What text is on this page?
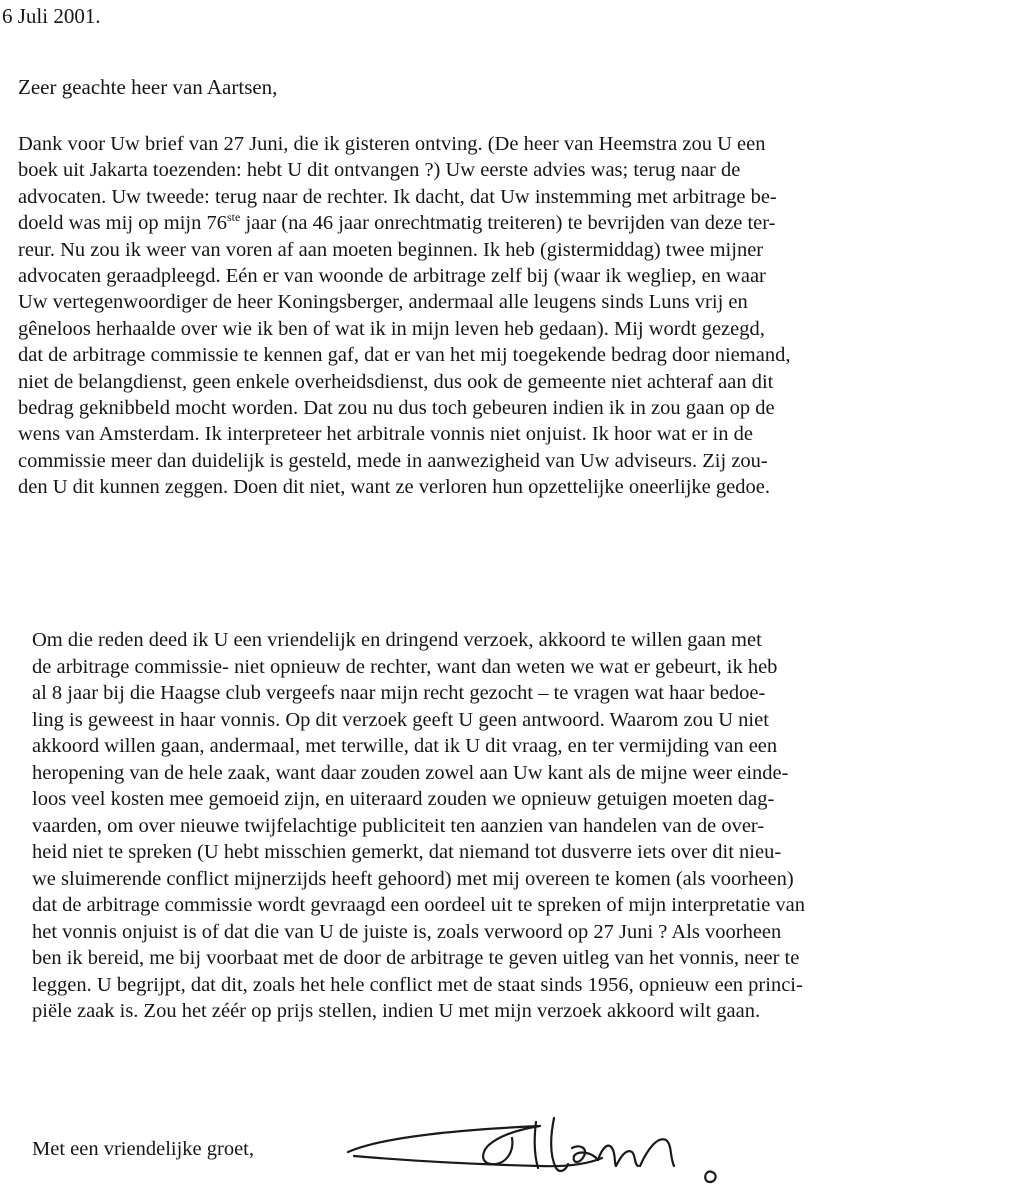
6 Juli 2001.
Zeer geachte heer van Aartsen,
Dank voor Uw brief van 27 Juni, die ik gisteren ontving. (De heer van Heemstra zou U een
boek uit Jakarta toezenden: hebt U dit ontvangen ?) Uw eerste advies was; terug naar de
advocaten. Uw tweede: terug naar de rechter. Ik dacht, dat Uw instemming met arbitrage be-
doeld was mij op mijn 76ste jaar (na 46 jaar onrechtmatig treiteren) te bevrijden van deze ter-
reur. Nu zou ik weer van voren af aan moeten beginnen. Ik heb (gistermiddag) twee mijner
advocaten geraadpleegd. Eén er van woonde de arbitrage zelf bij (waar ik wegliep, en waar
Uw vertegenwoordiger de heer Koningsberger, andermaal alle leugens sinds Luns vrij en
gêneloos herhaalde over wie ik ben of wat ik in mijn leven heb gedaan). Mij wordt gezegd,
dat de arbitrage commissie te kennen gaf, dat er van het mij toegekende bedrag door niemand,
niet de belangdienst, geen enkele overheidsdienst, dus ook de gemeente niet achteraf aan dit
bedrag geknibbeld mocht worden. Dat zou nu dus toch gebeuren indien ik in zou gaan op de
wens van Amsterdam. Ik interpreteer het arbitrale vonnis niet onjuist. Ik hoor wat er in de
commissie meer dan duidelijk is gesteld, mede in aanwezigheid van Uw adviseurs. Zij zou-
den U dit kunnen zeggen. Doen dit niet, want ze verloren hun opzettelijke oneerlijke gedoe.
Om die reden deed ik U een vriendelijk en dringend verzoek, akkoord te willen gaan met
de arbitrage commissie- niet opnieuw de rechter, want dan weten we wat er gebeurt, ik heb
al 8 jaar bij die Haagse club vergeefs naar mijn recht gezocht – te vragen wat haar bedoe-
ling is geweest in haar vonnis. Op dit verzoek geeft U geen antwoord. Waarom zou U niet
akkoord willen gaan, andermaal, met terwille, dat ik U dit vraag, en ter vermijding van een
heropening van de hele zaak, want daar zouden zowel aan Uw kant als de mijne weer einde-
loos veel kosten mee gemoeid zijn, en uiteraard zouden we opnieuw getuigen moeten dag-
vaarden, om over nieuwe twijfelachtige publiciteit ten aanzien van handelen van de over-
heid niet te spreken (U hebt misschien gemerkt, dat niemand tot dusverre iets over dit nieu-
we sluimerende conflict mijnerzijds heeft gehoord) met mij overeen te komen (als voorheen)
dat de arbitrage commissie wordt gevraagd een oordeel uit te spreken of mijn interpretatie van
het vonnis onjuist is of dat die van U de juiste is, zoals verwoord op 27 Juni ? Als voorheen
ben ik bereid, me bij voorbaat met de door de arbitrage te geven uitleg van het vonnis, neer te
leggen. U begrijpt, dat dit, zoals het hele conflict met de staat sinds 1956, opnieuw een princi-
piële zaak is. Zou het zéér op prijs stellen, indien U met mijn verzoek akkoord wilt gaan.
Met een vriendelijke groet,
